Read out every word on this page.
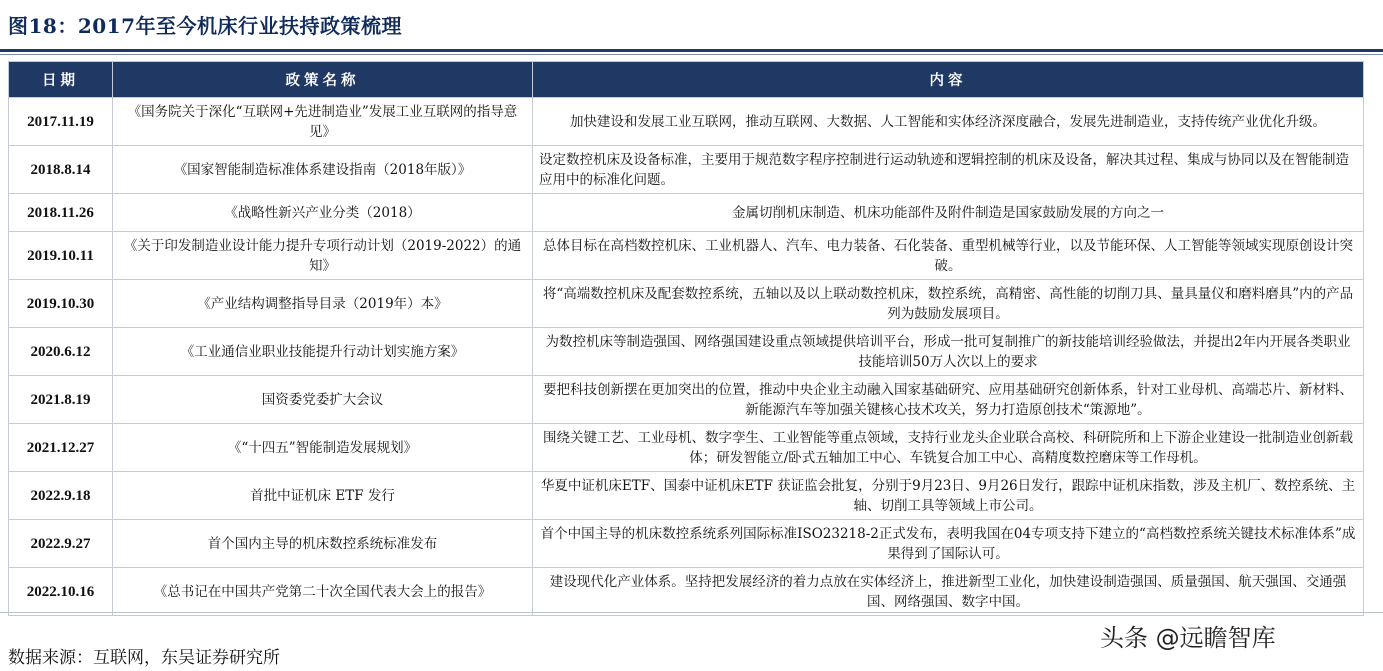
图18：2017年至今机床行业扶持政策梳理
日期	政策名称	内容
2017.11.19	《国务院关于深化“互联网+先进制造业”发展工业互联网的指导意见》	加快建设和发展工业互联网，推动互联网、大数据、人工智能和实体经济深度融合，发展先进制造业，支持传统产业优化升级。
2018.8.14	《国家智能制造标准体系建设指南（2018年版）》	设定数控机床及设备标准，主要用于规范数字程序控制进行运动轨迹和逻辑控制的机床及设备，解决其过程、集成与协同以及在智能制造应用中的标准化问题。
2018.11.26	《战略性新兴产业分类（2018）	金属切削机床制造、机床功能部件及附件制造是国家鼓励发展的方向之一
2019.10.11	《关于印发制造业设计能力提升专项行动计划（2019-2022）的通知》	总体目标在高档数控机床、工业机器人、汽车、电力装备、石化装备、重型机械等行业，以及节能环保、人工智能等领域实现原创设计突破。
2019.10.30	《产业结构调整指导目录（2019年）本》	将“高端数控机床及配套数控系统，五轴以及以上联动数控机床，数控系统，高精密、高性能的切削刀具、量具量仪和磨料磨具”内的产品列为鼓励发展项目。
2020.6.12	《工业通信业职业技能提升行动计划实施方案》	为数控机床等制造强国、网络强国建设重点领域提供培训平台，形成一批可复制推广的新技能培训经验做法，并提出2年内开展各类职业技能培训50万人次以上的要求
2021.8.19	国资委党委扩大会议	要把科技创新摆在更加突出的位置，推动中央企业主动融入国家基础研究、应用基础研究创新体系，针对工业母机、高端芯片、新材料、新能源汽车等加强关键核心技术攻关，努力打造原创技术“策源地”。
2021.12.27	《“十四五”智能制造发展规划》	围绕关键工艺、工业母机、数字孪生、工业智能等重点领域，支持行业龙头企业联合高校、科研院所和上下游企业建设一批制造业创新载体；研发智能立/卧式五轴加工中心、车铣复合加工中心、高精度数控磨床等工作母机。
2022.9.18	首批中证机床 ETF 发行	华夏中证机床ETF、国泰中证机床ETF 获证监会批复，分别于9月23日、9月26日发行，跟踪中证机床指数，涉及主机厂、数控系统、主轴、切削工具等领域上市公司。
2022.9.27	首个国内主导的机床数控系统标准发布	首个中国主导的机床数控系统系列国际标准ISO23218-2正式发布，表明我国在04专项支持下建立的“高档数控系统关键技术标准体系”成果得到了国际认可。
2022.10.16	《总书记在中国共产党第二十次全国代表大会上的报告》	建设现代化产业体系。坚持把发展经济的着力点放在实体经济上，推进新型工业化，加快建设制造强国、质量强国、航天强国、交通强国、网络强国、数字中国。
数据来源：互联网，东吴证券研究所
头条 @远瞻智库
